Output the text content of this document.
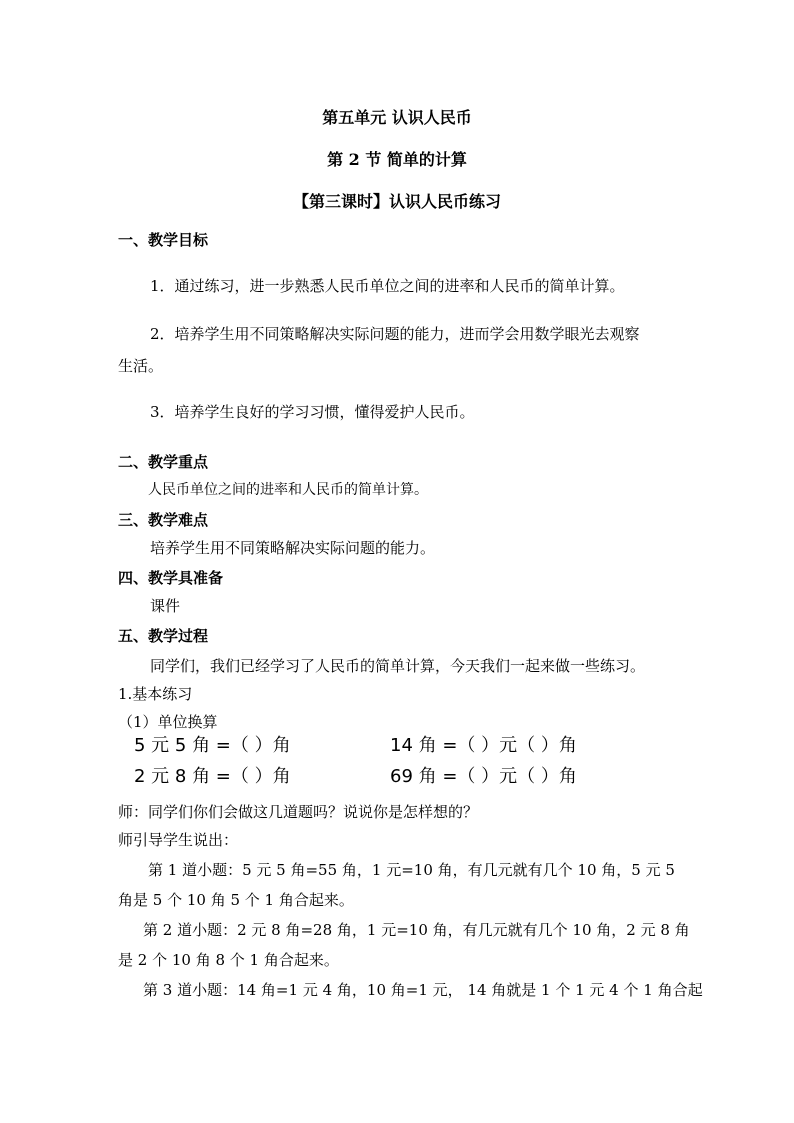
第五单元 认识人民币
第 2 节 简单的计算
【第三课时】认识人民币练习
一、教学目标
1．通过练习，进一步熟悉人民币单位之间的进率和人民币的简单计算。
2．培养学生用不同策略解决实际问题的能力，进而学会用数学眼光去观察
生活。
3．培养学生良好的学习习惯，懂得爱护人民币。
二、教学重点
人民币单位之间的进率和人民币的简单计算。
三、教学难点
培养学生用不同策略解决实际问题的能力。
四、教学具准备
课件
五、教学过程
同学们，我们已经学习了人民币的简单计算，今天我们一起来做一些练习。
1.基本练习
（1）单位换算
5 元 5 角 =（ ）角	14 角 =（ ）元（ ）角
2 元 8 角 =（ ）角	69 角 =（ ）元（ ）角
师：同学们你们会做这几道题吗？说说你是怎样想的？
师引导学生说出：
第 1 道小题：5 元 5 角=55 角，1 元=10 角，有几元就有几个 10 角，5 元 5
角是 5 个 10 角 5 个 1 角合起来。
第 2 道小题：2 元 8 角=28 角，1 元=10 角，有几元就有几个 10 角，2 元 8 角
是 2 个 10 角 8 个 1 角合起来。
第 3 道小题：14 角=1 元 4 角，10 角=1 元， 14 角就是 1 个 1 元 4 个 1 角合起
